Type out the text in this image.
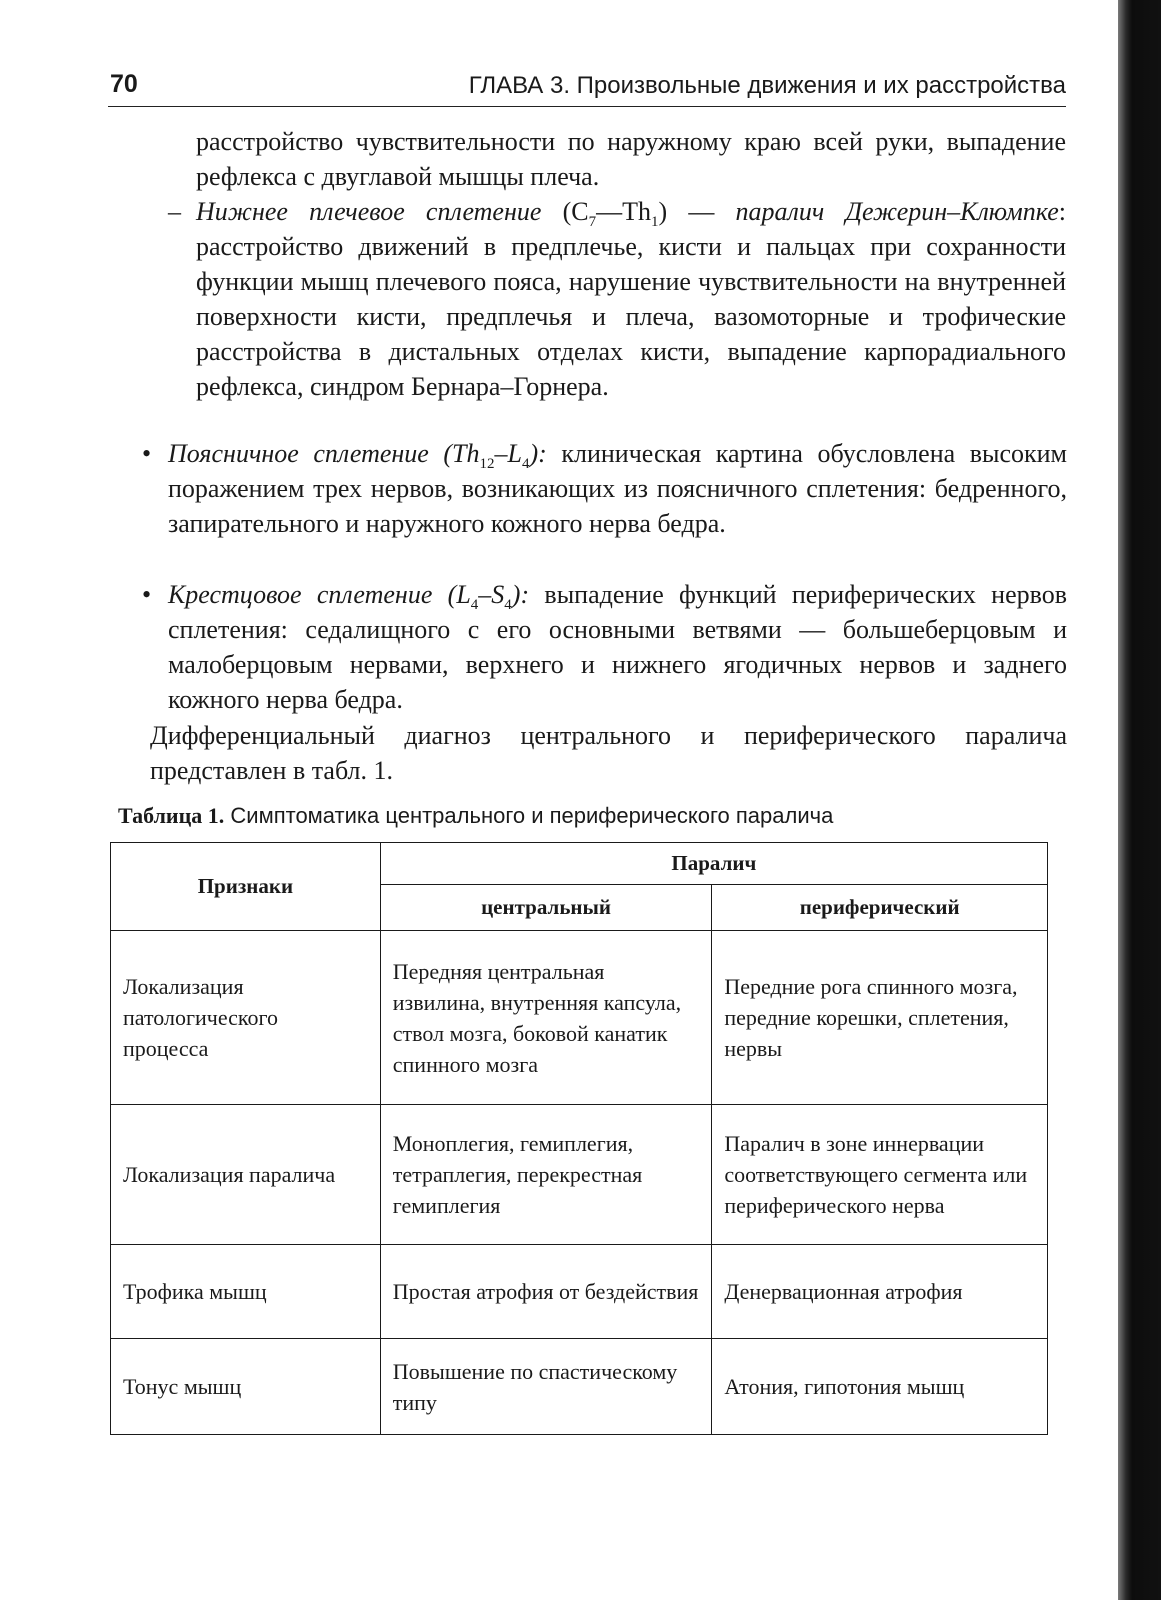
70	ГЛАВА 3. Произвольные движения и их расстройства

расстройство чувствительности по наружному краю всей руки, выпадение рефлекса с двуглавой мышцы плеча.

– Нижнее плечевое сплетение $(C_7—Th_1)$ — паралич Дежерин–Клюмпке: расстройство движений в предплечье, кисти и пальцах при сохранности функции мышц плечевого пояса, нарушение чувствительности на внутренней поверхности кисти, предплечья и плеча, вазомоторные и трофические расстройства в дистальных отделах кисти, выпадение карпорадиального рефлекса, синдром Бернара–Горнера.

• Поясничное сплетение $(Th_{12}-L_4)$: клиническая картина обусловлена высоким поражением трех нервов, возникающих из поясничного сплетения: бедренного, запирательного и наружного кожного нерва бедра.

• Крестцовое сплетение $(L_4-S_4)$: выпадение функций периферических нервов сплетения: седалищного с его основными ветвями — большеберцовым и малоберцовым нервами, верхнего и нижнего ягодичных нервов и заднего кожного нерва бедра.

Дифференциальный диагноз центрального и периферического паралича представлен в табл. 1.

Таблица 1. Симптоматика центрального и периферического паралича
Признаки	Паралич	
	центральный	периферический
Локализация патологического процесса	Передняя центральная извилина, внутренняя капсула, ствол мозга, боковой канатик спинного мозга	Передние рога спинного мозга, передние корешки, сплетения, нервы
Локализация паралича	Моноплегия, гемиплегия, тетраплегия, перекрестная гемиплегия	Паралич в зоне иннервации соответствующего сегмента или периферического нерва
Трофика мышц	Простая атрофия от бездействия	Денервационная атрофия
Тонус мышц	Повышение по спастическому типу	Атония, гипотония мышц
